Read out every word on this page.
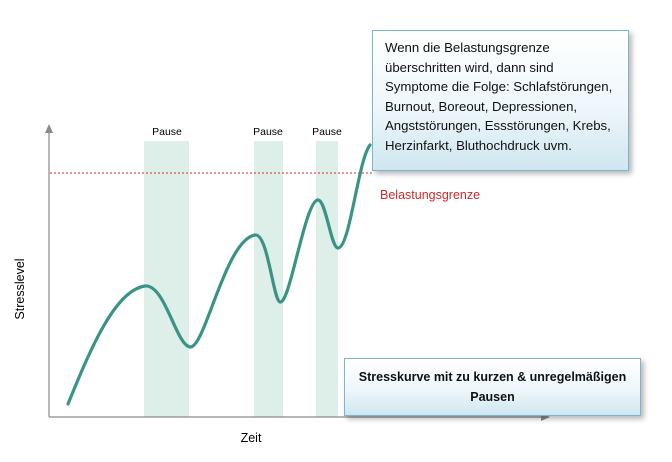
Pause	Pause	Pause
Belastungsgrenze
Zeit
Stresslevel
Wenn die Belastungsgrenze
überschritten wird, dann sind
Symptome die Folge: Schlafstörungen,
Burnout, Boreout, Depressionen,
Angststörungen, Essstörungen, Krebs,
Herzinfarkt, Bluthochdruck uvm.
Stresskurve mit zu kurzen & unregelmäßigen
Pausen
